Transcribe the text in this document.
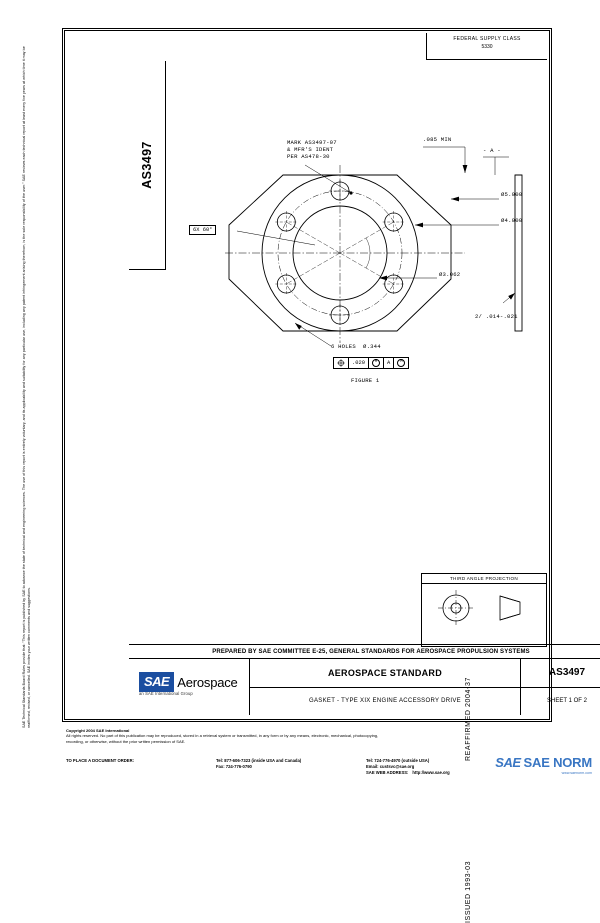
SAE Technical Standards Board Rules provide that: "This report is published by SAE to advance the state of technical and engineering sciences. The use of this report is entirely voluntary, and its applicability and suitability for any particular use, including any patent infringement arising therefrom, is the sole responsibility of the user." SAE reviews each technical report at least every five years at which time it may be reaffirmed, revised, or cancelled. SAE invites your written comments and suggestions.
AS3497
FEDERAL SUPPLY CLASS
5330
REAFFIRMED 2004-37
ISSUED 1993-03
THIRD ANGLE PROJECTION
PREPARED BY SAE COMMITTEE E-25, GENERAL STANDARDS FOR AEROSPACE PROPULSION SYSTEMS
SAE Aerospace
an SAE International Group
AEROSPACE STANDARD
GASKET - TYPE XIX ENGINE ACCESSORY DRIVE
AS3497
SHEET 1 OF 2
MARK AS3497-07
& MFR'S IDENT
PER AS478-30
.085 MIN
- A -
Ø5.000
Ø4.000
Ø3.062
2/ .014-.021
6X 60°
6 HOLES  Ø.344
.020	M	A	M
FIGURE 1
Copyright 2004 SAE International
All rights reserved. No part of this publication may be reproduced, stored in a retrieval system or transmitted, in any form or by any means, electronic, mechanical, photocopying,
recording, or otherwise, without the prior written permission of SAE.
TO PLACE A DOCUMENT ORDER:	Tel: 877-606-7323 (inside USA and Canada)
Fax: 724-776-0790
Tel: 724-776-4970 (outside USA)
Email: custsvc@sae.org
SAE WEB ADDRESS: http://www.sae.org
SAE SAE NORM
www.saenorm.com
